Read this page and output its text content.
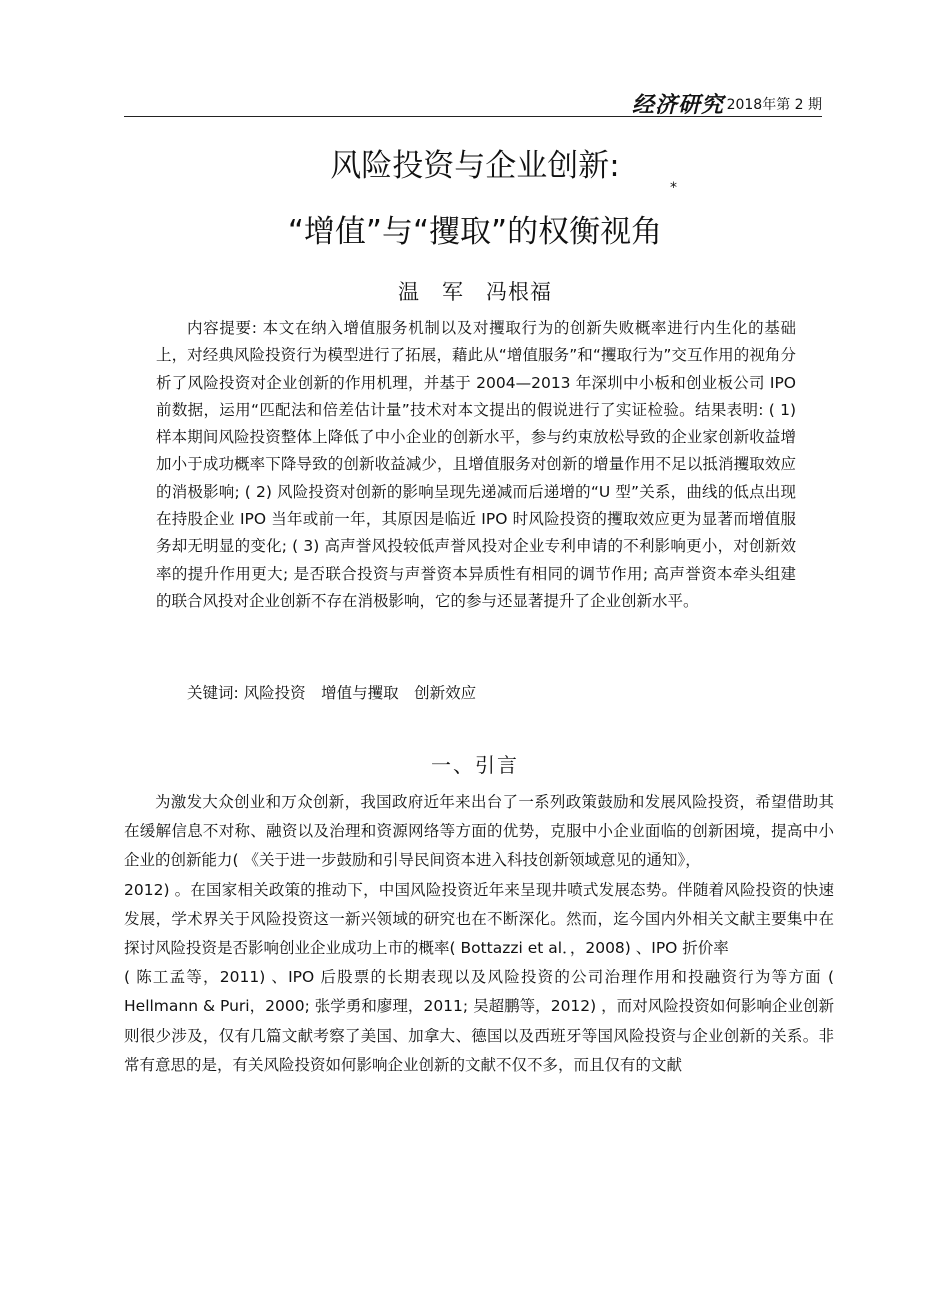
经济研究 2018年第 2 期
风险投资与企业创新:
*
“增值”与“攫取”的权衡视角
温　军　冯根福

内容提要: 本文在纳入增值服务机制以及对攫取行为的创新失败概率进行内生化的基础上，对经典风险投资行为模型进行了拓展，藉此从“增值服务”和“攫取行为”交互作用的视角分析了风险投资对企业创新的作用机理，并基于 2004—2013 年深圳中小板和创业板公司 IPO 前数据，运用“匹配法和倍差估计量”技术对本文提出的假说进行了实证检验。结果表明: ( 1) 样本期间风险投资整体上降低了中小企业的创新水平，参与约束放松导致的企业家创新收益增加小于成功概率下降导致的创新收益减少，且增值服务对创新的增量作用不足以抵消攫取效应的消极影响; ( 2) 风险投资对创新的影响呈现先递减而后递增的“U 型”关系，曲线的低点出现在持股企业 IPO 当年或前一年，其原因是临近 IPO 时风险投资的攫取效应更为显著而增值服务却无明显的变化; ( 3) 高声誉风投较低声誉风投对企业专利申请的不利影响更小，对创新效率的提升作用更大; 是否联合投资与声誉资本异质性有相同的调节作用; 高声誉资本牵头组建的联合风投对企业创新不存在消极影响，它的参与还显著提升了企业创新水平。

关键词: 风险投资　增值与攫取　创新效应
一、引言

为激发大众创业和万众创新，我国政府近年来出台了一系列政策鼓励和发展风险投资，希望借助其在缓解信息不对称、融资以及治理和资源网络等方面的优势，克服中小企业面临的创新困境，提高中小企业的创新能力( 《关于进一步鼓励和引导民间资本进入科技创新领域意见的通知》，

2012) 。在国家相关政策的推动下，中国风险投资近年来呈现井喷式发展态势。伴随着风险投资的快速发展，学术界关于风险投资这一新兴领域的研究也在不断深化。然而，迄今国内外相关文献主要集中在探讨风险投资是否影响创业企业成功上市的概率( Bottazzi et al．，2008) 、IPO 折价率

( 陈工孟等，2011) 、IPO 后股票的长期表现以及风险投资的公司治理作用和投融资行为等方面 ( Hellmann & Puri，2000; 张学勇和廖理，2011; 吴超鹏等，2012) ，而对风险投资如何影响企业创新则很少涉及，仅有几篇文献考察了美国、加拿大、德国以及西班牙等国风险投资与企业创新的关系。非常有意思的是，有关风险投资如何影响企业创新的文献不仅不多，而且仅有的文献
